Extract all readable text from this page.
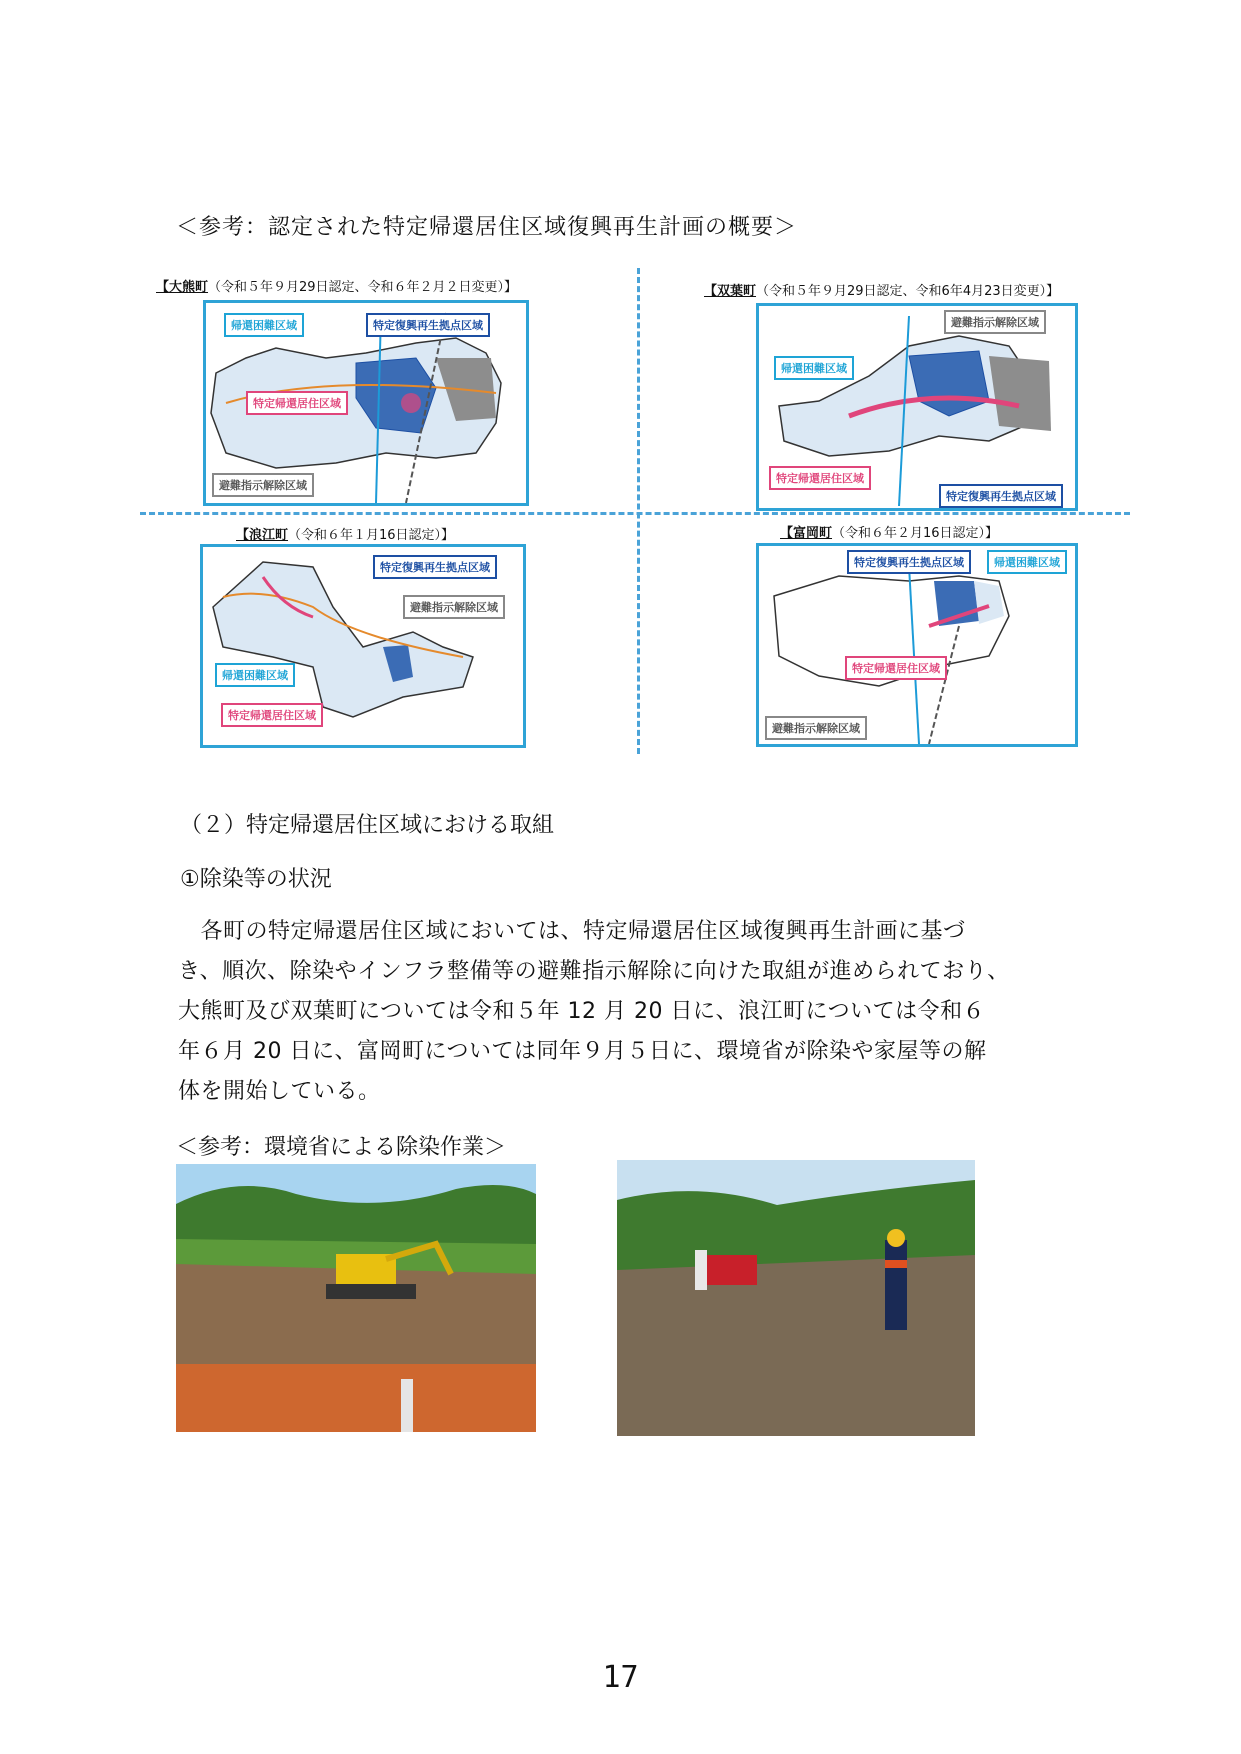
＜参考：認定された特定帰還居住区域復興再生計画の概要＞
【大熊町（令和５年９月29日認定、令和６年２月２日変更）】
帰還困難区域	特定復興再生拠点区域
特定帰還居住区域
避難指示解除区域
【双葉町（令和５年９月29日認定、令和6年4月23日変更）】
避難指示解除区域
帰還困難区域
特定帰還居住区域
特定復興再生拠点区域
【浪江町（令和６年１月16日認定）】
特定復興再生拠点区域
避難指示解除区域
帰還困難区域
特定帰還居住区域
【富岡町（令和６年２月16日認定）】
特定復興再生拠点区域	帰還困難区域
特定帰還居住区域
避難指示解除区域
（２）特定帰還居住区域における取組
①除染等の状況
　各町の特定帰還居住区域においては、特定帰還居住区域復興再生計画に基づ
き、順次、除染やインフラ整備等の避難指示解除に向けた取組が進められており、
大熊町及び双葉町については令和５年 12 月 20 日に、浪江町については令和６
年６月 20 日に、富岡町については同年９月５日に、環境省が除染や家屋等の解
体を開始している。
＜参考：環境省による除染作業＞
17
